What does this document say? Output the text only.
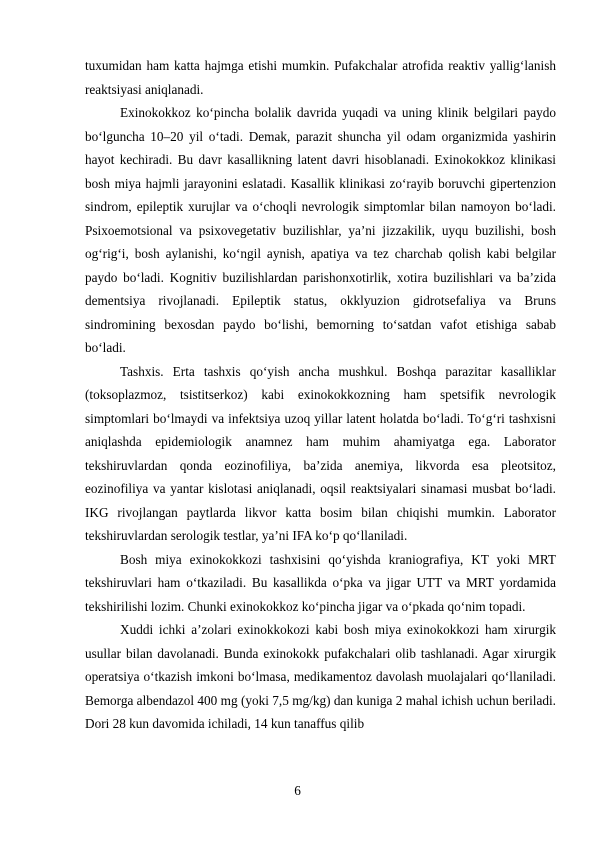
tuxumidan ham katta hajmga etishi mumkin. Pufakchalar atrofida reaktiv yallig‘lanish reaktsiyasi aniqlanadi.

Exinokokkoz ko‘pincha bolalik davrida yuqadi va uning klinik belgilari paydo bo‘lguncha 10–20 yil o‘tadi. Demak, parazit shuncha yil odam organizmida yashirin hayot kechiradi. Bu davr kasallikning latent davri hisoblanadi. Exinokokkoz klinikasi bosh miya hajmli jarayonini eslatadi. Kasallik klinikasi zo‘rayib boruvchi gipertenzion sindrom, epileptik xurujlar va o‘choqli nevrologik simptomlar bilan namoyon bo‘ladi. Psixoemotsional va psixovegetativ buzilishlar, ya’ni jizzakilik, uyqu buzilishi, bosh og‘rig‘i, bosh aylanishi, ko‘ngil aynish, apatiya va tez charchab qolish kabi belgilar paydo bo‘ladi. Kognitiv buzilishlardan parishonxotirlik, xotira buzilishlari va ba’zida dementsiya rivojlanadi. Epileptik status, okklyuzion gidrotsefaliya va Bruns sindromining bexosdan paydo bo‘lishi, bemorning to‘satdan vafot etishiga sabab bo‘ladi.

Tashxis. Erta tashxis qo‘yish ancha mushkul. Boshqa parazitar kasalliklar (toksoplazmoz, tsistitserkoz) kabi exinokokkozning ham spetsifik nevrologik simptomlari bo‘lmaydi va infektsiya uzoq yillar latent holatda bo‘ladi. To‘g‘ri tashxisni aniqlashda epidemiologik anamnez ham muhim ahamiyatga ega. Laborator tekshiruvlardan qonda eozinofiliya, ba’zida anemiya, likvorda esa pleotsitoz, eozinofiliya va yantar kislotasi aniqlanadi, oqsil reaktsiyalari sinamasi musbat bo‘ladi. IKG rivojlangan paytlarda likvor katta bosim bilan chiqishi mumkin. Laborator tekshiruvlardan serologik testlar, ya’ni IFA ko‘p qo‘llaniladi.

Bosh miya exinokokkozi tashxisini qo‘yishda kraniografiya, KT yoki MRT tekshiruvlari ham o‘tkaziladi. Bu kasallikda o‘pka va jigar UTT va MRT yordamida tekshirilishi lozim. Chunki exinokokkoz ko‘pincha jigar va o‘pkada qo‘nim topadi.

Xuddi ichki a’zolari exinokkokozi kabi bosh miya exinokokkozi ham xirurgik usullar bilan davolanadi. Bunda exinokokk pufakchalari olib tashlanadi. Agar xirurgik operatsiya o‘tkazish imkoni bo‘lmasa, medikamentoz davolash muolajalari qo‘llaniladi. Bemorga albendazol 400 mg (yoki 7,5 mg/kg) dan kuniga 2 mahal ichish uchun beriladi. Dori 28 kun davomida ichiladi, 14 kun tanaffus qilib

6
